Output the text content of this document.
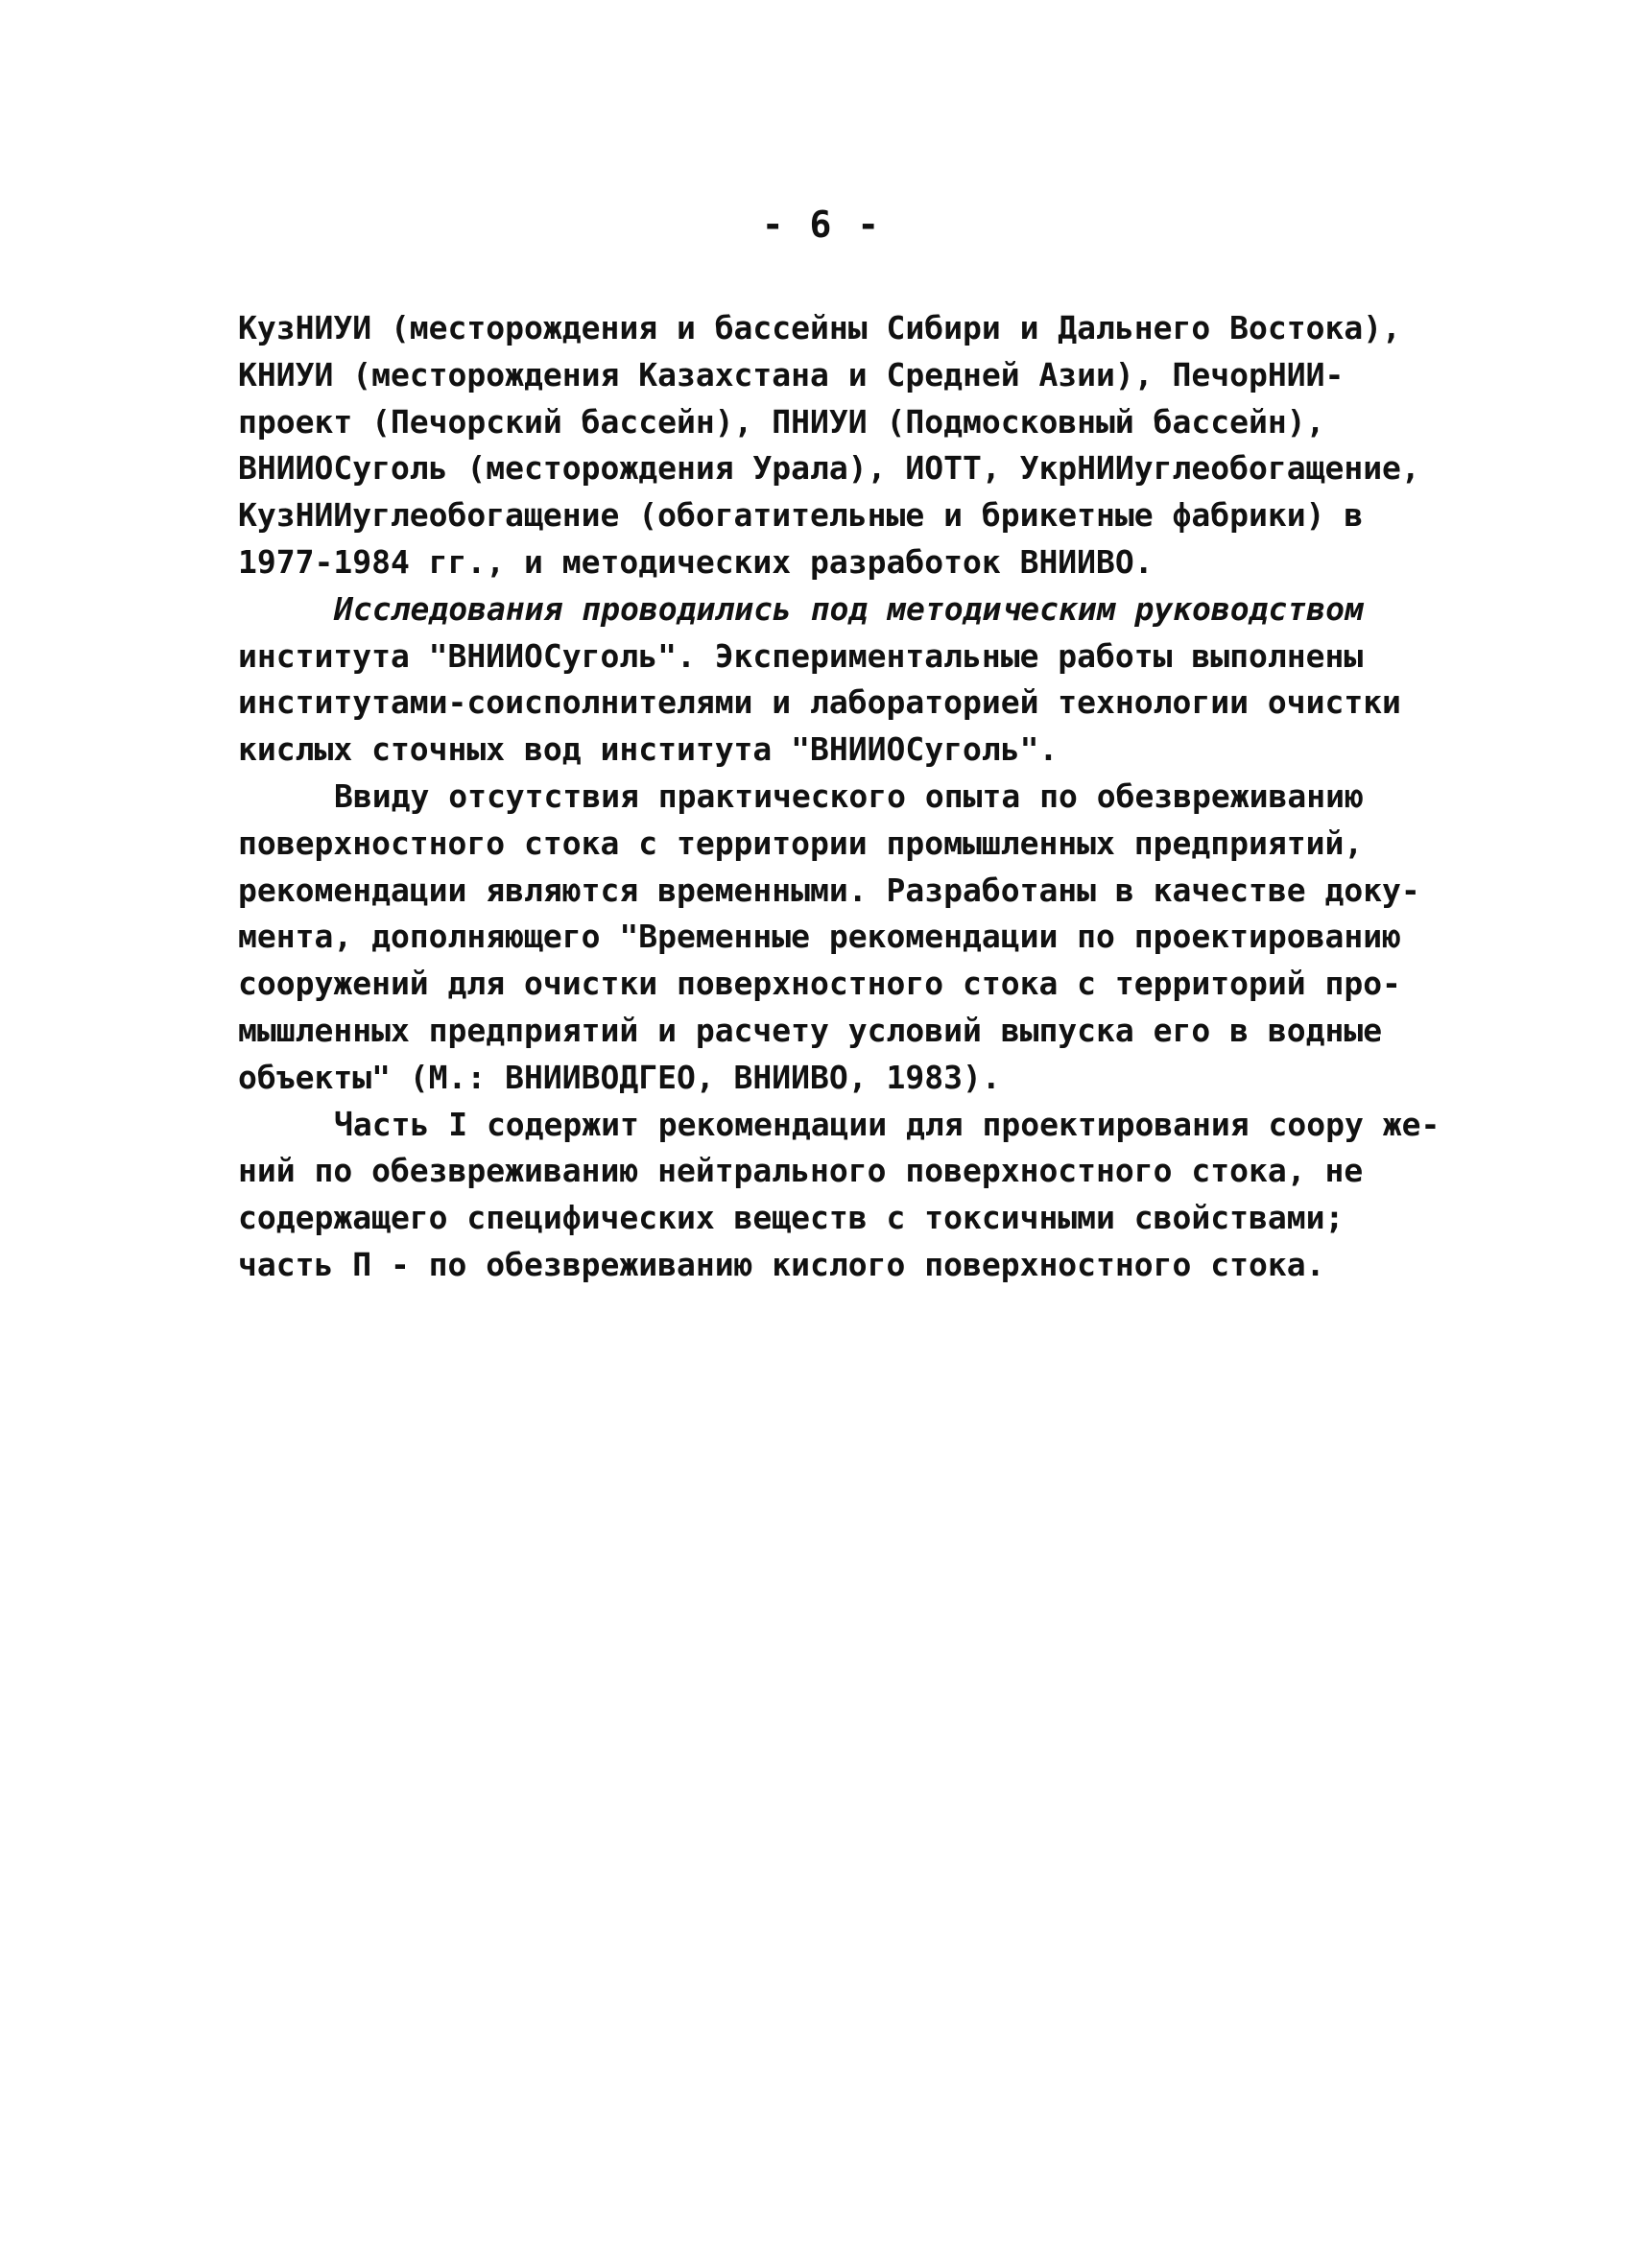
- 6 -
КузНИУИ (месторождения и бассейны Сибири и Дальнего Востока),
КНИУИ (месторождения Казахстана и Средней Азии), ПечорНИИ-
проект (Печорский бассейн), ПНИУИ (Подмосковный бассейн),
ВНИИОСуголь (месторождения Урала), ИОТТ, УкрНИИуглеобогащение,
КузНИИуглеобогащение (обогатительные и брикетные фабрики) в
1977-1984 гг., и методических разработок ВНИИВО.
Исследования проводились под методическим руководством
института "ВНИИОСуголь". Экспериментальные работы выполнены
институтами-соисполнителями и лабораторией технологии очистки
кислых сточных вод института "ВНИИОСуголь".
Ввиду отсутствия практического опыта по обезвреживанию
поверхностного стока с территории промышленных предприятий,
рекомендации являются временными. Разработаны в качестве доку-
мента, дополняющего "Временные рекомендации по проектированию
сооружений для очистки поверхностного стока с территорий про-
мышленных предприятий и расчету условий выпуска его в водные
объекты" (М.: ВНИИВОДГЕО, ВНИИВО, 1983).
Часть I содержит рекомендации для проектирования соору же-
ний по обезвреживанию нейтрального поверхностного стока, не
содержащего специфических веществ с токсичными свойствами;
часть П - по обезвреживанию кислого поверхностного стока.
